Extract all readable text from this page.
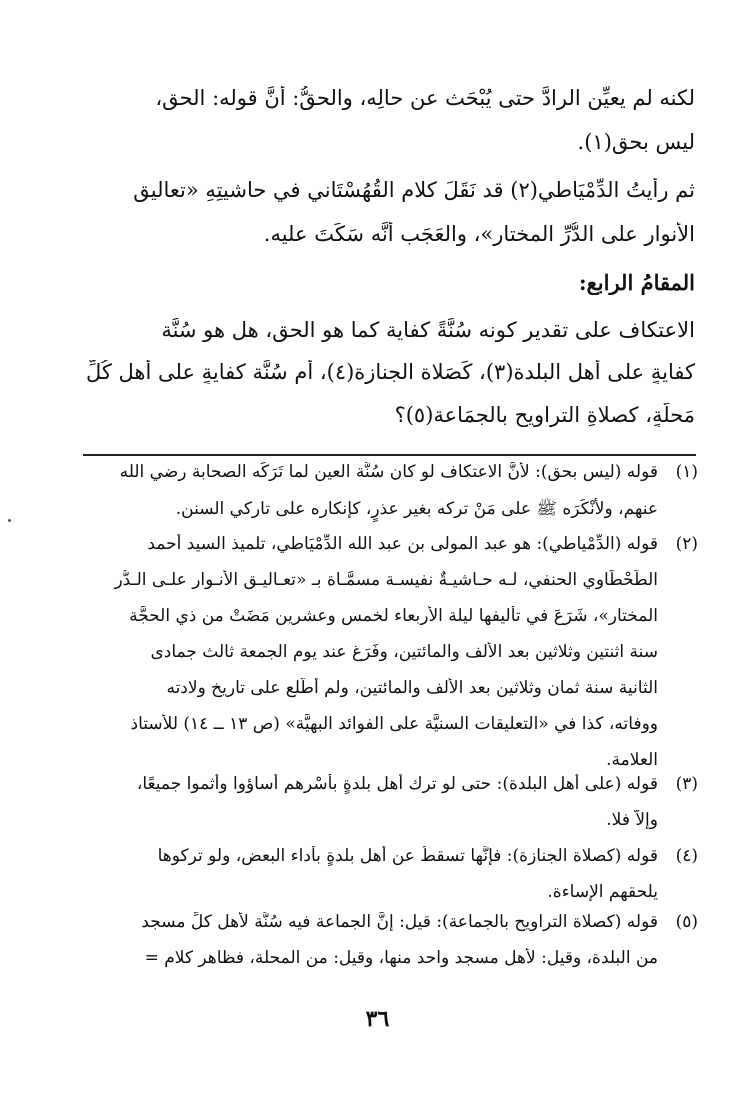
لكنه لم يعيِّن الرادَّ حتى يُبْحَث عن حالِه، والحقُّ: أنَّ قوله: الحق،
ليس بحق(١).
ثم رأيتُ الدِّمْيَاطي(٢) قد نَقَلَ كلام القُهُسْتَاني في حاشيتِهِ «تعاليق
الأنوار على الدُّرِّ المختار»، والعَجَب أنَّه سَكَتَ عليه.
المقامُ الرابع:
الاعتكاف على تقدير كونه سُنَّةً كفاية كما هو الحق، هل هو سُنَّة
كفايةٍ على أهلِ البلدة(٣)، كَصَلاة الجنازة(٤)، أم سُنَّة كفايةٍ على أهلِ كُلِّ
مَحلَّةٍ، كصلاةِ التراويح بالجمَاعة(٥)؟
(١)
قوله (ليس بحق): لأنَّ الاعتكاف لو كان سُنَّة العين لما تَرَكَه الصحابة رضي الله
عنهم، ولأنْكَرَه ﷺ على مَنْ تركه بغير عذرٍ، كإنكاره على تاركي السنن.
(٢)
قوله (الدِّمْياطي): هو عبد المولى بن عبد الله الدِّمْيَاطي، تلميذ السيد أحمد
الطَّحْطَاوي الحنفي، لـه حـاشيـةٌ نفيسـة مسمَّـاة بـ «تعـاليـق الأنـوار علـى الـدُّر
المختار»، شَرَعَ في تأليفها ليلة الأربعاء لخمس وعشرين مَضَتْ من ذي الحجَّة
سنة اثنتين وثلاثين بعد الألف والمائتين، وفَرَغ عند يوم الجمعة ثالث جمادى
الثانية سنة ثمان وثلاثين بعد الألف والمائتين، ولم أطَّلع على تاريخ ولادته
ووفاته، كذا في «التعليقات السنيَّة على الفوائد البهيَّة» (ص ١٣ ــ ١٤) للأستاذ
العلامة.
(٣)
قوله (على أهل البلدة): حتى لو ترك أهل بلدةٍ بأَسْرهم أساؤوا وأثموا جميعًا،
وإلاَّ فلا.
(٤)
قوله (كصلاة الجنازة): فإنَّها تسقطُ عن أهل بلدةٍ بأداء البعض، ولو تركوها
يلحقهم الإساءة.
(٥)
قوله (كصلاة التراويح بالجماعة): قيل: إنَّ الجماعة فيه سُنَّة لأهل كلِّ مسجد
من البلدة، وقيل: لأهل مسجد واحد منها، وقيل: من المحلة، فظاهر كلام =
٣٦
